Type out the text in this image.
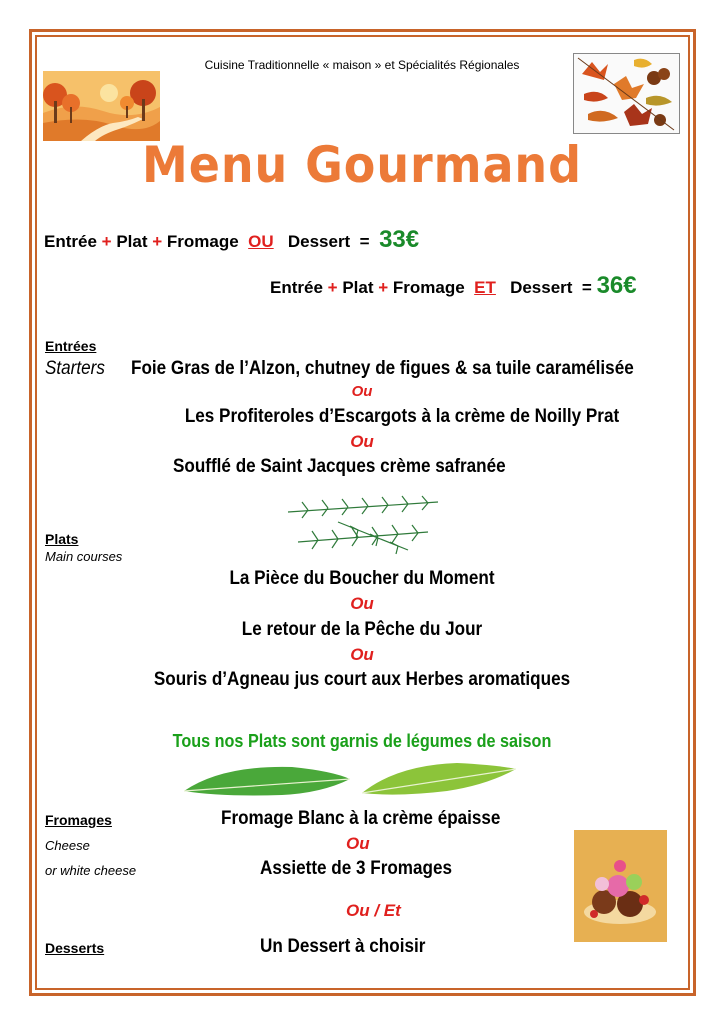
Cuisine Traditionnelle « maison » et Spécialités Régionales
Menu Gourmand
Entrée + Plat + Fromage OU Dessert = 33€
Entrée + Plat + Fromage ET Dessert = 36€
Entrées
Starters Foie Gras de l’Alzon, chutney de figues & sa tuile caramélisée
Ou
Les Profiteroles d’Escargots à la crème de Noilly Prat
Ou
Soufflé de Saint Jacques crème safranée
Plats
Main courses
La Pièce du Boucher du Moment
Ou
Le retour de la Pêche du Jour
Ou
Souris d’Agneau jus court aux Herbes aromatiques
Tous nos Plats sont garnis de légumes de saison
Fromages
Cheese
or white cheese
Fromage Blanc à la crème épaisse
Ou
Assiette de 3 Fromages
Ou / Et
Desserts	Un Dessert à choisir
